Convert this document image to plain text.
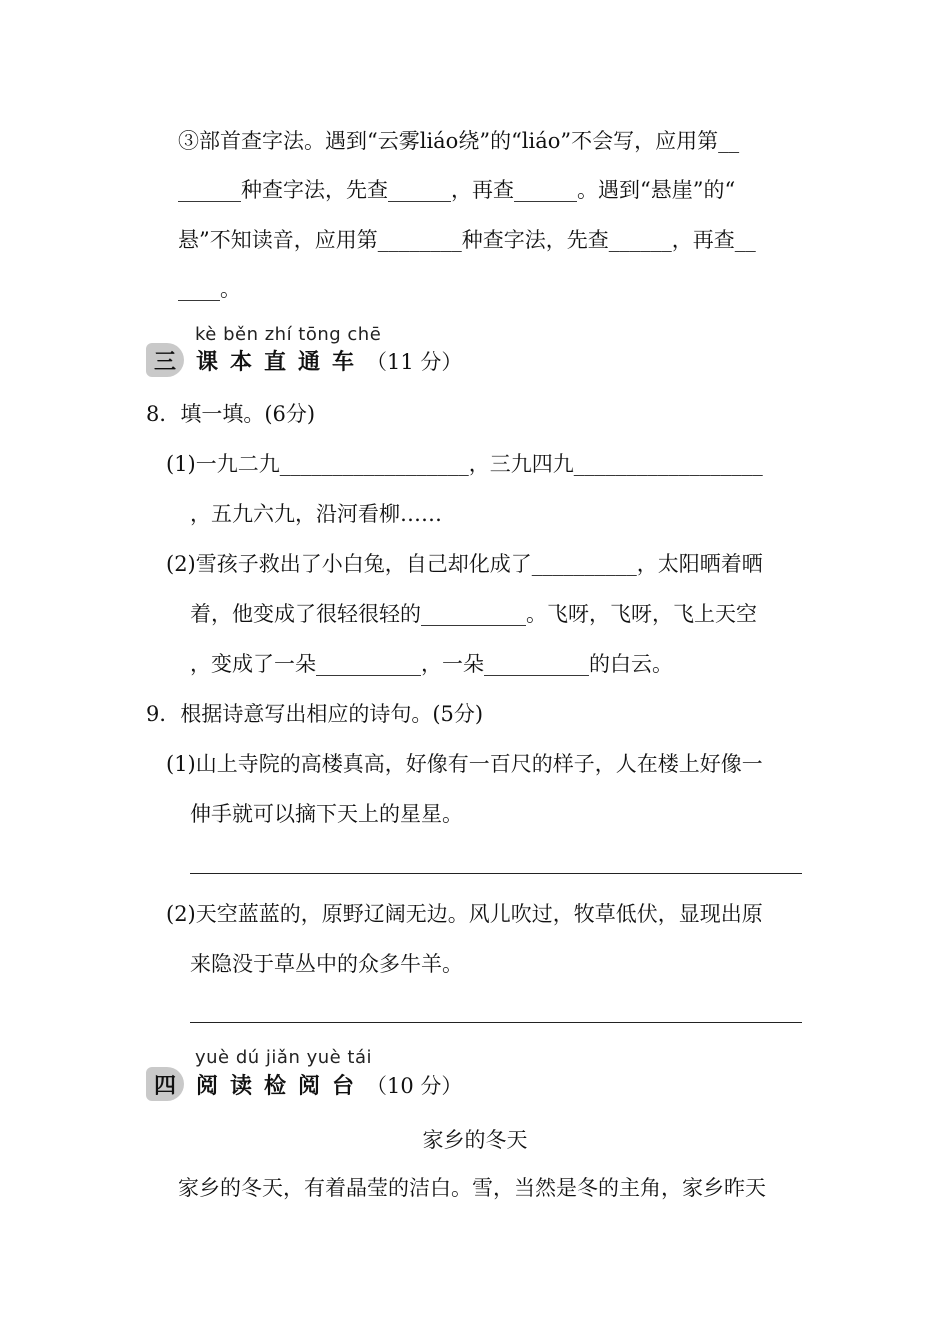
③部首查字法。遇到“云雾liáo绕”的“liáo”不会写，应用第__
______种查字法，先查______，再查______。遇到“悬崖”的“
悬”不知读音，应用第________种查字法，先查______，再查__
____。
kè běn zhí tōng chē
三 课本直通车（11 分）
8．填一填。(6分)
(1)一九二九__________________，三九四九__________________
，五九六九，沿河看柳……
(2)雪孩子救出了小白兔，自己却化成了__________，太阳晒着晒
着，他变成了很轻很轻的__________。飞呀，飞呀，飞上天空
，变成了一朵__________，一朵__________的白云。
9．根据诗意写出相应的诗句。(5分)
(1)山上寺院的高楼真高，好像有一百尺的样子，人在楼上好像一
伸手就可以摘下天上的星星。
(2)天空蓝蓝的，原野辽阔无边。风儿吹过，牧草低伏，显现出原
来隐没于草丛中的众多牛羊。
yuè dú jiǎn yuè tái
四 阅读检阅台（10 分）
家乡的冬天
家乡的冬天，有着晶莹的洁白。雪，当然是冬的主角，家乡昨天
